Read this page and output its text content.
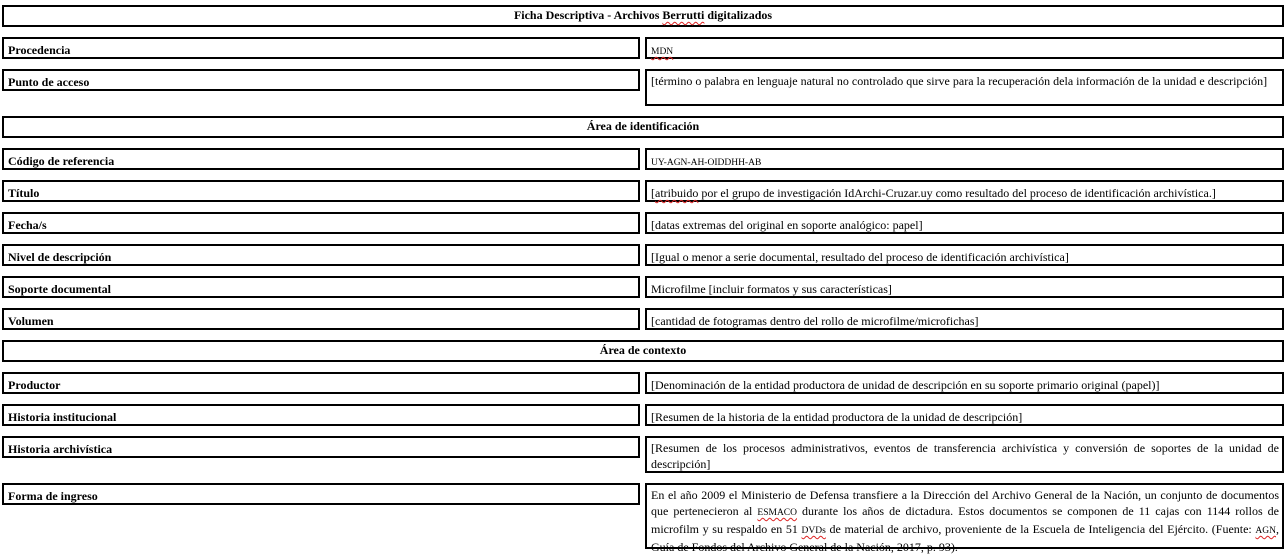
Ficha Descriptiva - Archivos Berrutti digitalizados
Procedencia	MDN
Punto de acceso	[término o palabra en lenguaje natural no controlado que sirve para la recuperación dela información de la unidad e descripción]
Área de identificación
Código de referencia	UY-AGN-AH-OIDDHH-AB
Título	[atribuido por el grupo de investigación IdArchi-Cruzar.uy como resultado del proceso de identificación archivística.]
Fecha/s	[datas extremas del original en soporte analógico: papel]
Nivel de descripción	[Igual o menor a serie documental, resultado del proceso de identificación archivística]
Soporte documental	Microfilme [incluir formatos y sus características]
Volumen	[cantidad de fotogramas dentro del rollo de microfilme/microfichas]
Área de contexto
Productor	[Denominación de la entidad productora de unidad de descripción en su soporte primario original (papel)]
Historia institucional	[Resumen de la historia de la entidad productora de la unidad de descripción]
Historia archivística	[Resumen de los procesos administrativos, eventos de transferencia archivística y conversión de soportes de la unidad de descripción]
Forma de ingreso	En el año 2009 el Ministerio de Defensa transfiere a la Dirección del Archivo General de la Nación, un conjunto de documentos que pertenecieron al ESMACO durante los años de dictadura. Estos documentos se componen de 11 cajas con 1144 rollos de microfilm y su respaldo en 51 DVDs de material de archivo, proveniente de la Escuela de Inteligencia del Ejército. (Fuente: AGN, Guía de Fondos del Archivo General de la Nación, 2017, p. 93).
